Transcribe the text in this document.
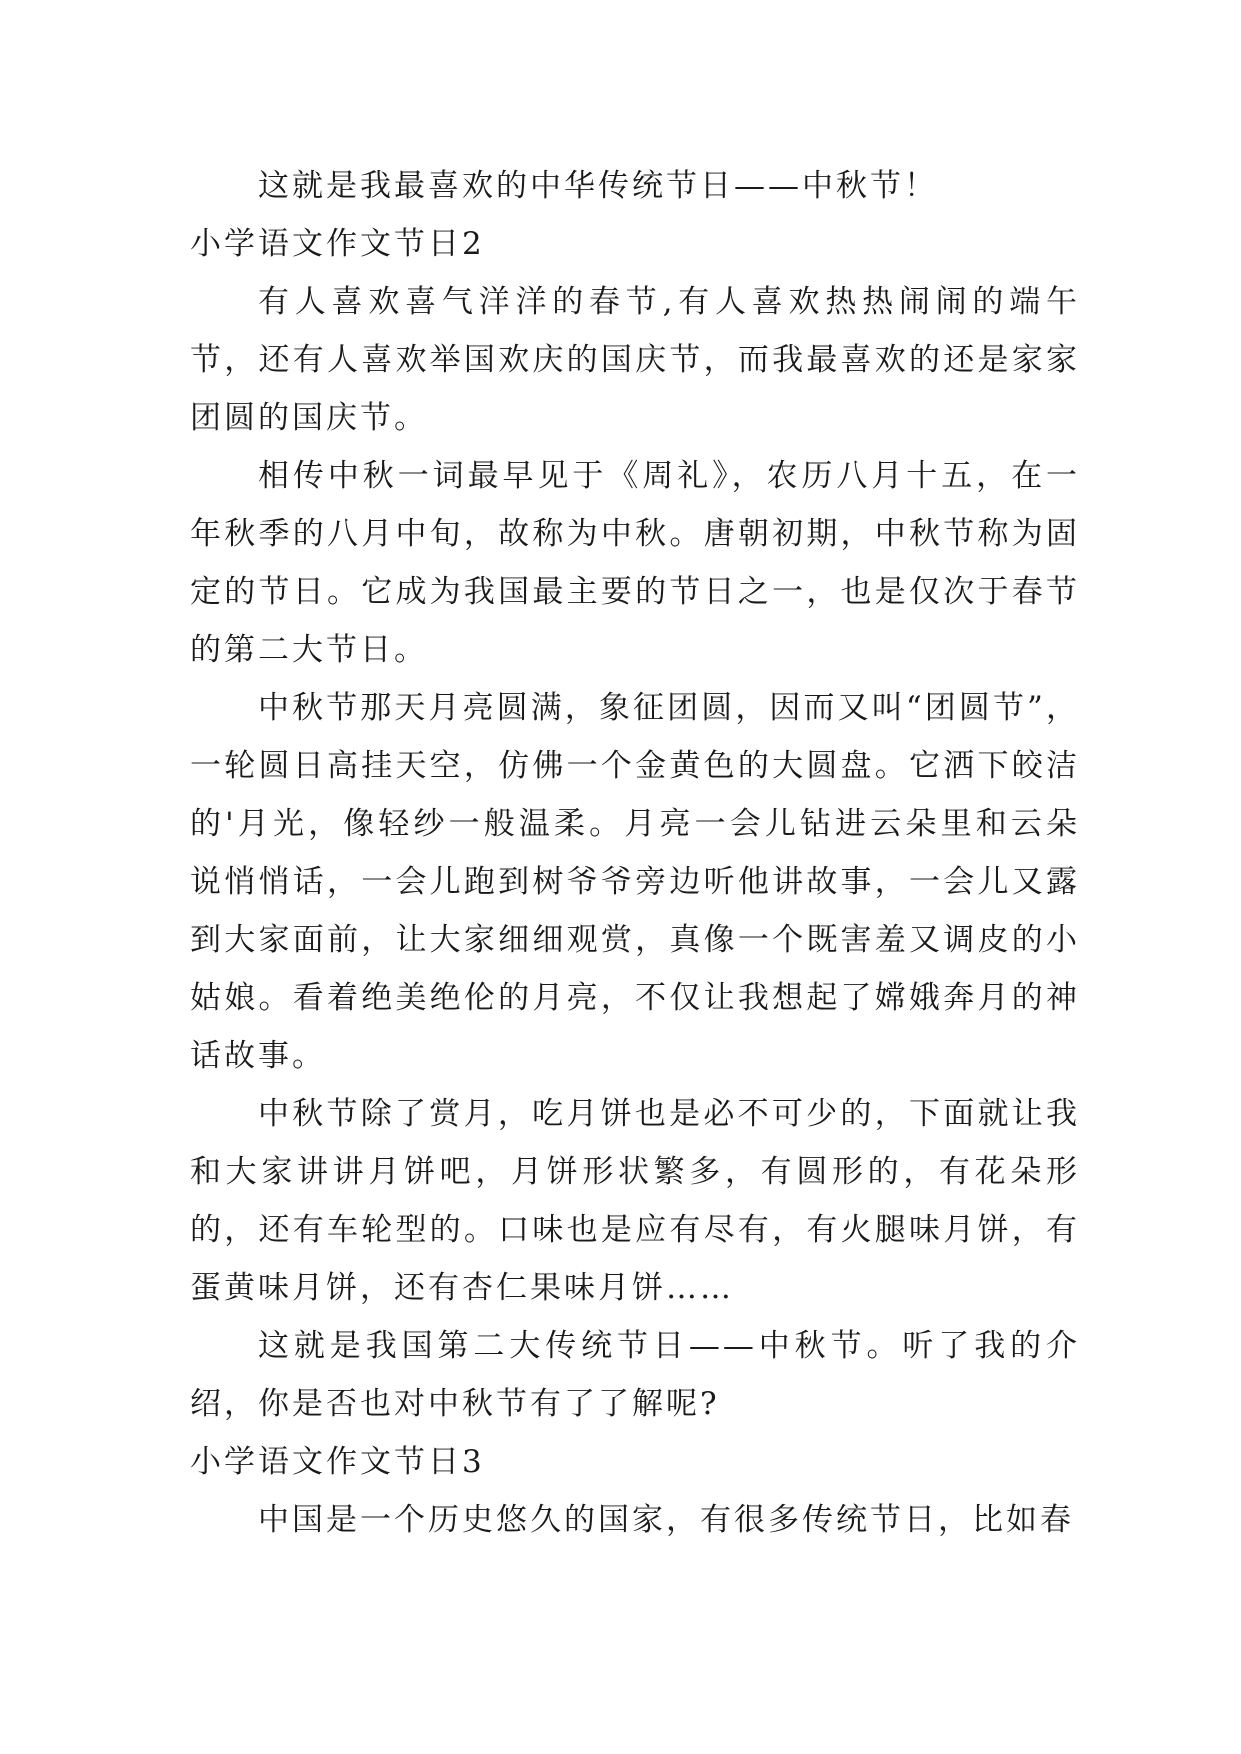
这就是我最喜欢的中华传统节日——中秋节！

小学语文作文节日2

有人喜欢喜气洋洋的春节,有人喜欢热热闹闹的端午节，还有人喜欢举国欢庆的国庆节，而我最喜欢的还是家家团圆的国庆节。

相传中秋一词最早见于《周礼》，农历八月十五，在一年秋季的八月中旬，故称为中秋。唐朝初期，中秋节称为固定的节日。它成为我国最主要的节日之一，也是仅次于春节的第二大节日。

中秋节那天月亮圆满，象征团圆，因而又叫“团圆节”，一轮圆日高挂天空，仿佛一个金黄色的大圆盘。它洒下皎洁的'月光，像轻纱一般温柔。月亮一会儿钻进云朵里和云朵说悄悄话，一会儿跑到树爷爷旁边听他讲故事，一会儿又露到大家面前，让大家细细观赏，真像一个既害羞又调皮的小姑娘。看着绝美绝伦的月亮，不仅让我想起了嫦娥奔月的神话故事。

中秋节除了赏月，吃月饼也是必不可少的，下面就让我和大家讲讲月饼吧，月饼形状繁多，有圆形的，有花朵形的，还有车轮型的。口味也是应有尽有，有火腿味月饼，有蛋黄味月饼，还有杏仁果味月饼……

这就是我国第二大传统节日——中秋节。听了我的介绍，你是否也对中秋节有了了解呢?

小学语文作文节日3

中国是一个历史悠久的国家，有很多传统节日，比如春
